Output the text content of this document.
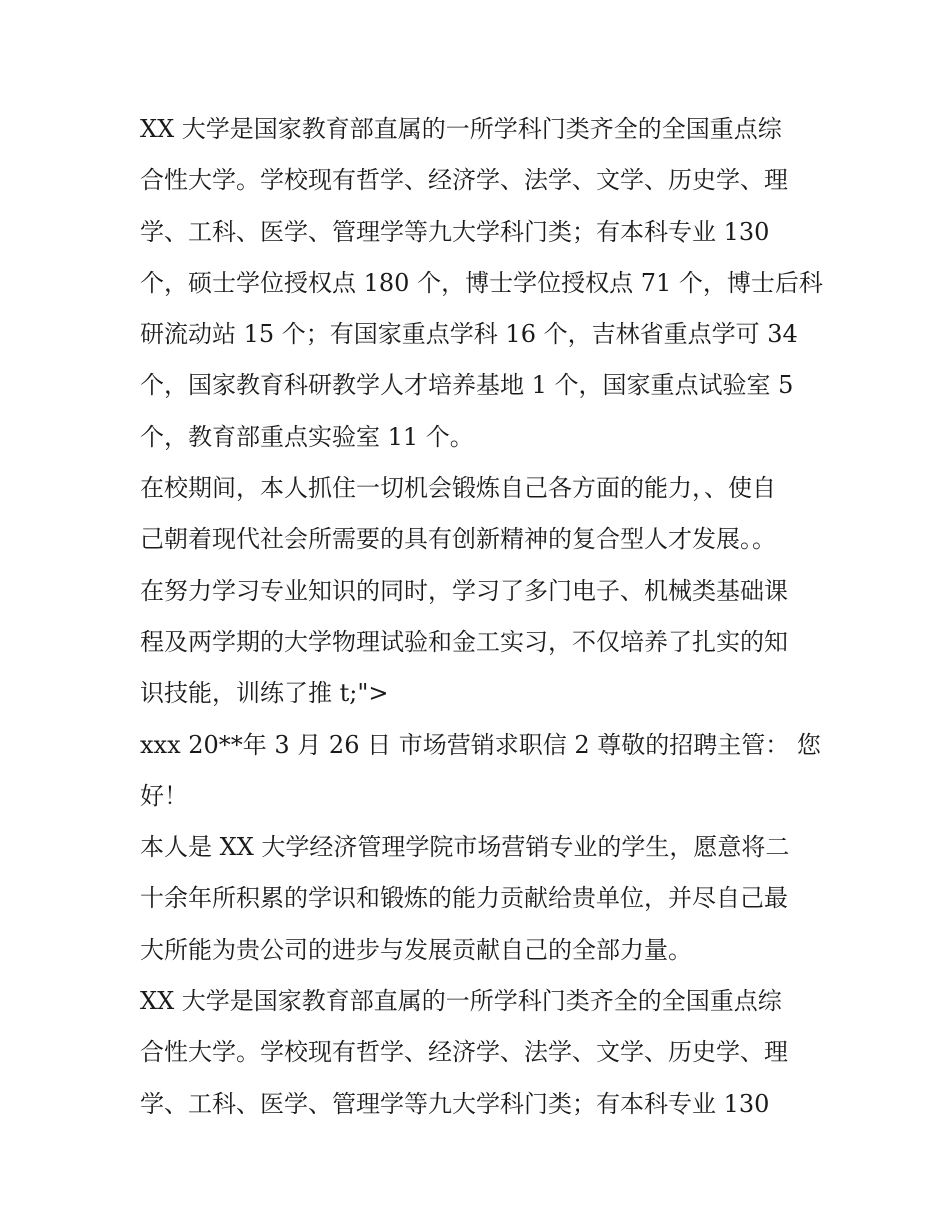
XX 大学是国家教育部直属的一所学科门类齐全的全国重点综
合性大学。学校现有哲学、经济学、法学、文学、历史学、理
学、工科、医学、管理学等九大学科门类；有本科专业 130
个，硕士学位授权点 180 个，博士学位授权点 71 个，博士后科
研流动站 15 个；有国家重点学科 16 个，吉林省重点学可 34
个，国家教育科研教学人才培养基地 1 个，国家重点试验室 5
个，教育部重点实验室 11 个。

在校期间，本人抓住一切机会锻炼自己各方面的能力，、使自
己朝着现代社会所需要的具有创新精神的复合型人才发展。。

在努力学习专业知识的同时，学习了多门电子、机械类基础课
程及两学期的大学物理试验和金工实习，不仅培养了扎实的知
识技能，训练了推 t;">

xxx 20**年 3 月 26 日 市场营销求职信 2 尊敬的招聘主管： 您
好！

本人是 XX 大学经济管理学院市场营销专业的学生，愿意将二
十余年所积累的学识和锻炼的能力贡献给贵单位，并尽自己最
大所能为贵公司的进步与发展贡献自己的全部力量。

XX 大学是国家教育部直属的一所学科门类齐全的全国重点综
合性大学。学校现有哲学、经济学、法学、文学、历史学、理
学、工科、医学、管理学等九大学科门类；有本科专业 130
